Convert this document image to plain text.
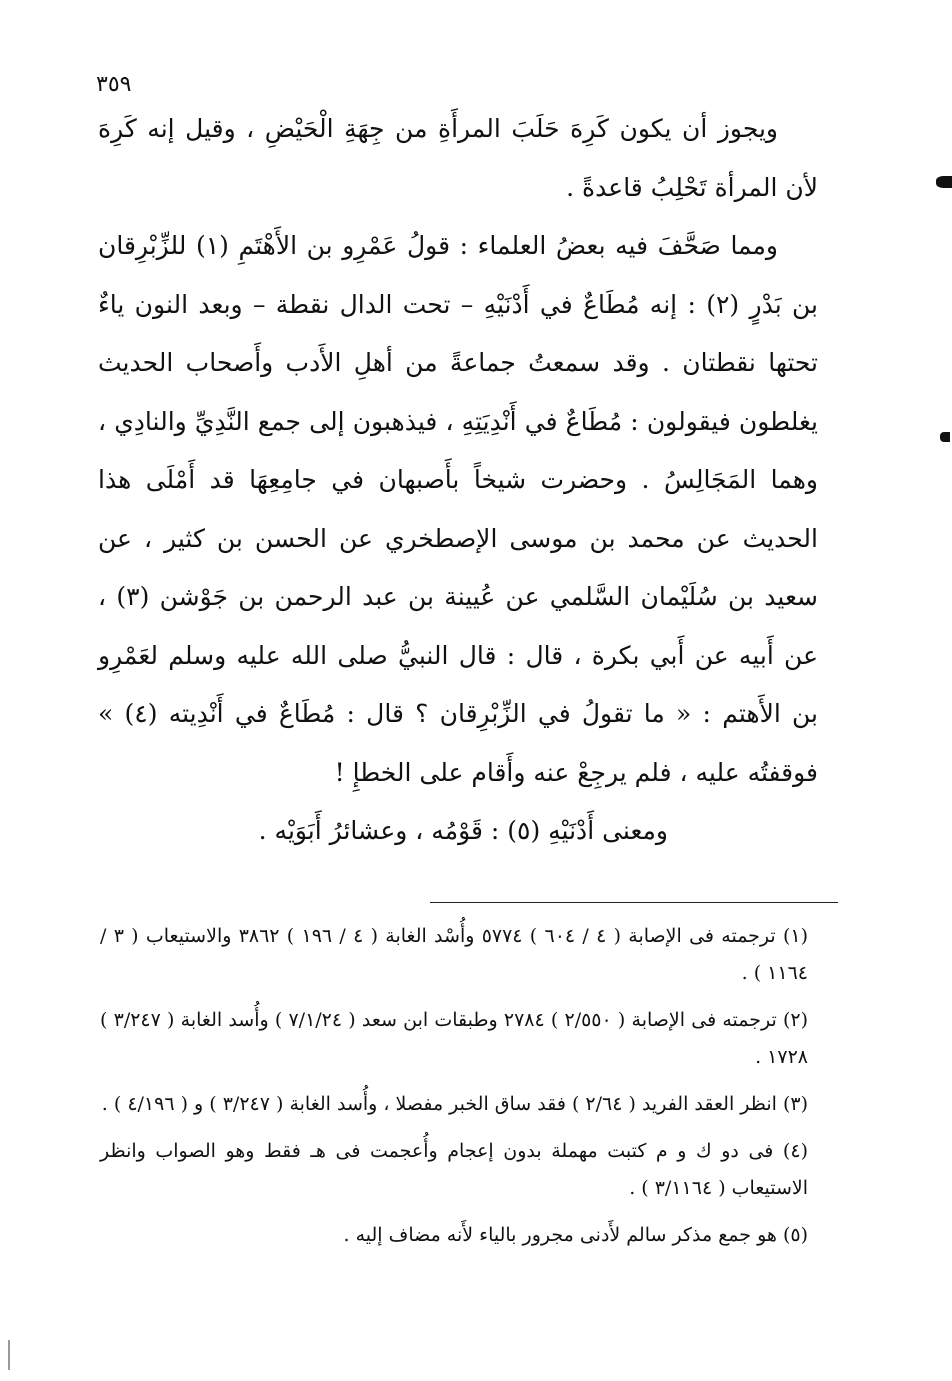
٣٥٩

ويجوز أن يكون كَرِهَ حَلَبَ المرأَةِ من جِهَةِ الْحَيْضِ ، وقيل إنه كَرِهَ لأن المرأة تَحْلِبُ قاعدةً .

ومما صَحَّفَ فيه بعضُ العلماء : قولُ عَمْرِو بن الأَهْتَمِ (١) للزِّبْرِقان بن بَدْرٍ (٢) : إنه مُطَاعٌ في أَدْنَيْهِ – تحت الدال نقطة – وبعد النون ياءٌ تحتها نقطتان . وقد سمعتُ جماعةً من أهلِ الأَدب وأَصحاب الحديث يغلطون فيقولون : مُطَاعٌ في أَنْدِيَتِهِ ، فيذهبون إلى جمع النَّدِيِّ والنادِي ، وهما المَجَالِسُ . وحضرت شيخاً بأَصبهان في جامِعِهَا قد أَمْلَى هذا الحديث عن محمد بن موسى الإصطخري عن الحسن بن كثير ، عن سعيد بن سُلَيْمان السَّلمي عن عُيينة بن عبد الرحمن بن جَوْشن (٣) ، عن أَبيه عن أَبي بكرة ، قال : قال النبيُّ صلى الله عليه وسلم لعَمْرِو بن الأَهتم : « ما تقولُ في الزِّبْرِقان ؟ قال : مُطَاعٌ في أَنْدِيته (٤) » فوقفتُه عليه ، فلم يرجِعْ عنه وأَقام على الخطإِ !

ومعنى أَدْنَيْهِ (٥) : قَوْمُه ، وعشائرُ أَبَوَيْه .

(١) ترجمته فى الإصابة ( ٤ / ٦٠٤ ) ٥٧٧٤ وأُسْد الغابة ( ٤ / ١٩٦ ) ٣٨٦٢ والاستيعاب ( ٣ / ١١٦٤ ) .

(٢) ترجمته فى الإصابة ( ٢/٥٥٠ ) ٢٧٨٤ وطبقات ابن سعد ( ٧/١/٢٤ ) وأُسد الغابة ( ٣/٢٤٧ ) ١٧٢٨ .

(٣) انظر العقد الفريد ( ٢/٦٤ ) فقد ساق الخبر مفصلا ، وأُسد الغابة ( ٣/٢٤٧ ) و ( ٤/١٩٦ ) .

(٤) فى دو ك و م كتبت مهملة بدون إعجام وأُعجمت فى هـ فقط وهو الصواب وانظر الاستيعاب ( ٣/١١٦٤ ) .

(٥) هو جمع مذكر سالم لأَدنى مجرور بالياء لأَنه مضاف إليه .
